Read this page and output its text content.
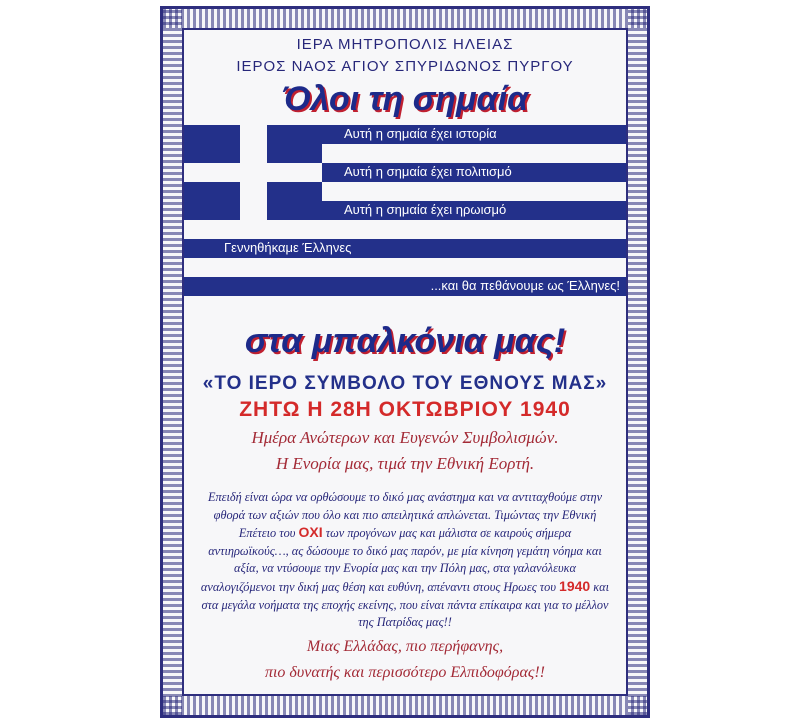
ΙΕΡΑ ΜΗΤΡΟΠΟΛΙΣ ΗΛΕΙΑΣ
ΙΕΡΟΣ ΝΑΟΣ ΑΓΙΟΥ ΣΠΥΡΙΔΩΝΟΣ ΠΥΡΓΟΥ
Όλοι τη σημαία
Αυτή η σημαία έχει ιστορία
Αυτή η σημαία έχει πολιτισμό
Αυτή η σημαία έχει ηρωισμό
Γεννηθήκαμε Έλληνες
...και θα πεθάνουμε ως Έλληνες!
στα μπαλκόνια μας!
«ΤΟ ΙΕΡΟ ΣΥΜΒΟΛΟ ΤΟΥ ΕΘΝΟΥΣ ΜΑΣ»
ΖΗΤΩ Η 28Η ΟΚΤΩΒΡΙΟΥ 1940
Ημέρα Ανώτερων και Ευγενών Συμβολισμών.
Η Ενορία μας, τιμά την Εθνική Εορτή.
Επειδή είναι ώρα να ορθώσουμε το δικό μας ανάστημα και να αντιταχθούμε στην φθορά των αξιών που όλο και πιο απειλητικά απλώνεται. Τιμώντας την Εθνική Επέτειο του ΟΧΙ των προγόνων μας και μάλιστα σε καιρούς σήμερα αντιηρωϊκούς…, ας δώσουμε το δικό μας παρόν, με μία κίνηση γεμάτη νόημα και αξία, να ντύσουμε την Ενορία μας και την Πόλη μας, στα γαλανόλευκα αναλογιζόμενοι την δική μας θέση και ευθύνη, απέναντι στους Ηρωες του 1940 και στα μεγάλα νοήματα της εποχής εκείνης, που είναι πάντα επίκαιρα και για το μέλλον της Πατρίδας μας!!
Μιας Ελλάδας, πιο περήφανης,
πιο δυνατής και περισσότερο Ελπιδοφόρας!!
